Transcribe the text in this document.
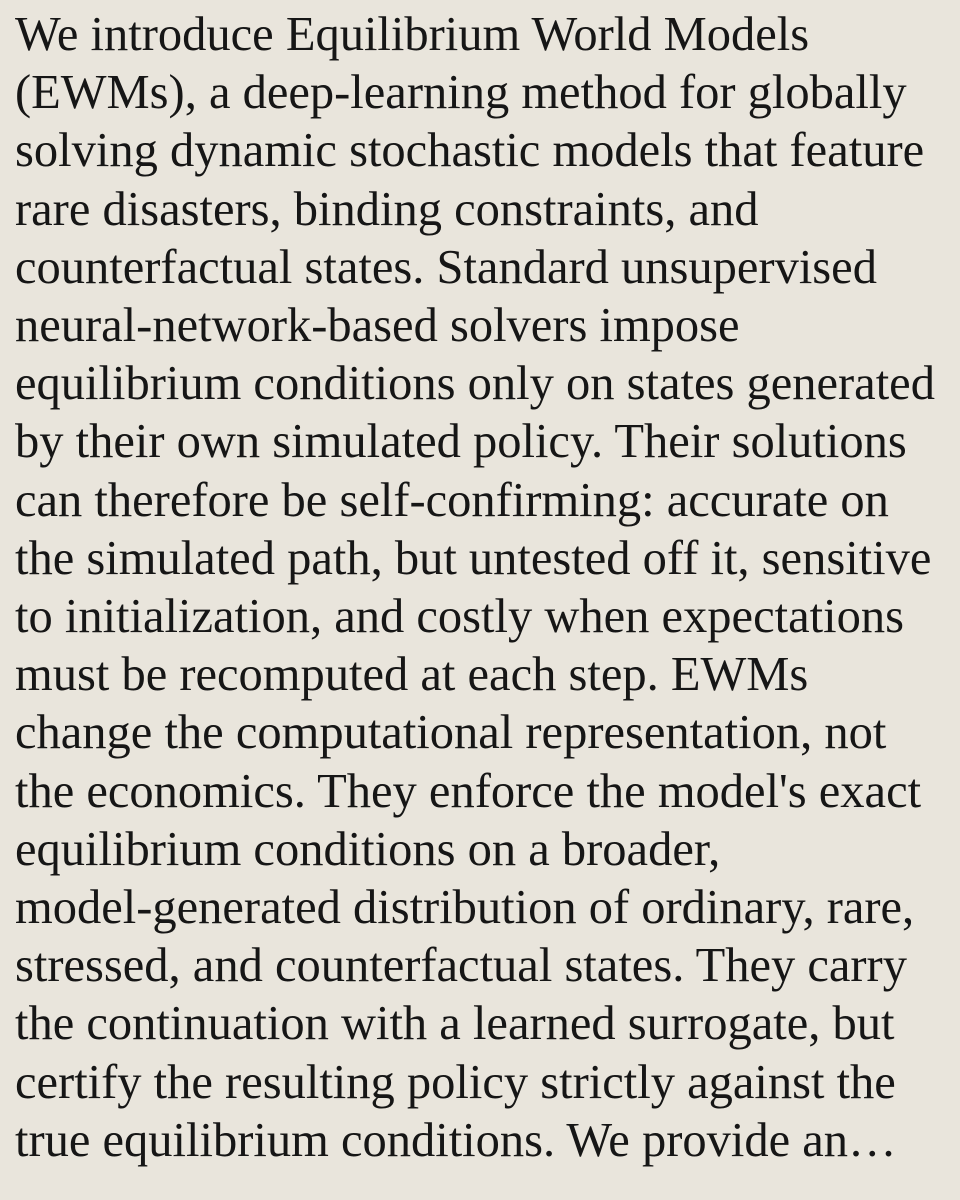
We introduce Equilibrium World Models
(EWMs), a deep-learning method for globally
solving dynamic stochastic models that feature
rare disasters, binding constraints, and
counterfactual states. Standard unsupervised
neural-network-based solvers impose
equilibrium conditions only on states generated
by their own simulated policy. Their solutions
can therefore be self-confirming: accurate on
the simulated path, but untested off it, sensitive
to initialization, and costly when expectations
must be recomputed at each step. EWMs
change the computational representation, not
the economics. They enforce the model's exact
equilibrium conditions on a broader,
model-generated distribution of ordinary, rare,
stressed, and counterfactual states. They carry
the continuation with a learned surrogate, but
certify the resulting policy strictly against the
true equilibrium conditions. We provide an…
